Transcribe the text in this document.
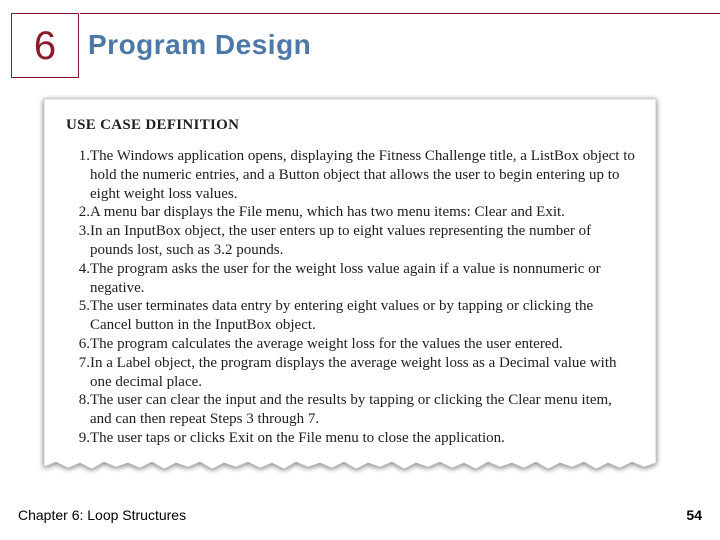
6 Program Design
USE CASE DEFINITION
1. The Windows application opens, displaying the Fitness Challenge title, a ListBox object to hold the numeric entries, and a Button object that allows the user to begin entering up to eight weight loss values.
2. A menu bar displays the File menu, which has two menu items: Clear and Exit.
3. In an InputBox object, the user enters up to eight values representing the number of pounds lost, such as 3.2 pounds.
4. The program asks the user for the weight loss value again if a value is nonnumeric or negative.
5. The user terminates data entry by entering eight values or by tapping or clicking the Cancel button in the InputBox object.
6. The program calculates the average weight loss for the values the user entered.
7. In a Label object, the program displays the average weight loss as a Decimal value with one decimal place.
8. The user can clear the input and the results by tapping or clicking the Clear menu item, and can then repeat Steps 3 through 7.
9. The user taps or clicks Exit on the File menu to close the application.
Chapter 6: Loop Structures	54
